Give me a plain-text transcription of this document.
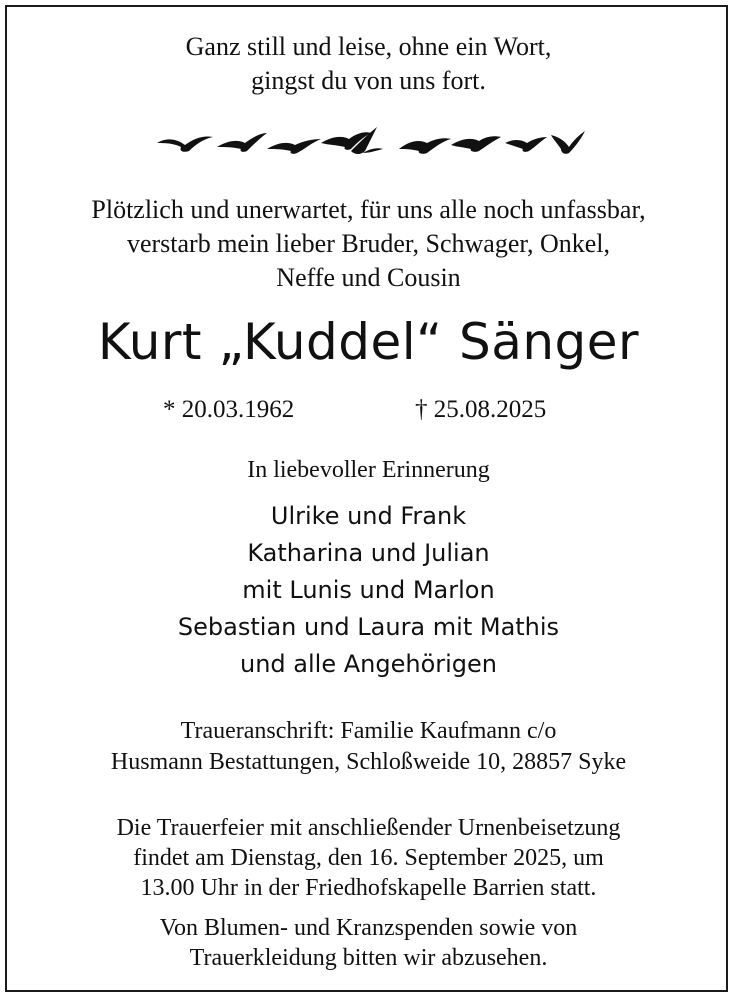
Ganz still und leise, ohne ein Wort,
gingst du von uns fort.
Plötzlich und unerwartet, für uns alle noch unfassbar,
verstarb mein lieber Bruder, Schwager, Onkel,
Neffe und Cousin
Kurt „Kuddel“ Sänger
* 20.03.1962	† 25.08.2025
In liebevoller Erinnerung
Ulrike und Frank
Katharina und Julian
mit Lunis und Marlon
Sebastian und Laura mit Mathis
und alle Angehörigen
Traueranschrift: Familie Kaufmann c/o
Husmann Bestattungen, Schloßweide 10, 28857 Syke
Die Trauerfeier mit anschließender Urnenbeisetzung
findet am Dienstag, den 16. September 2025, um
13.00 Uhr in der Friedhofskapelle Barrien statt.
Von Blumen- und Kranzspenden sowie von
Trauerkleidung bitten wir abzusehen.
